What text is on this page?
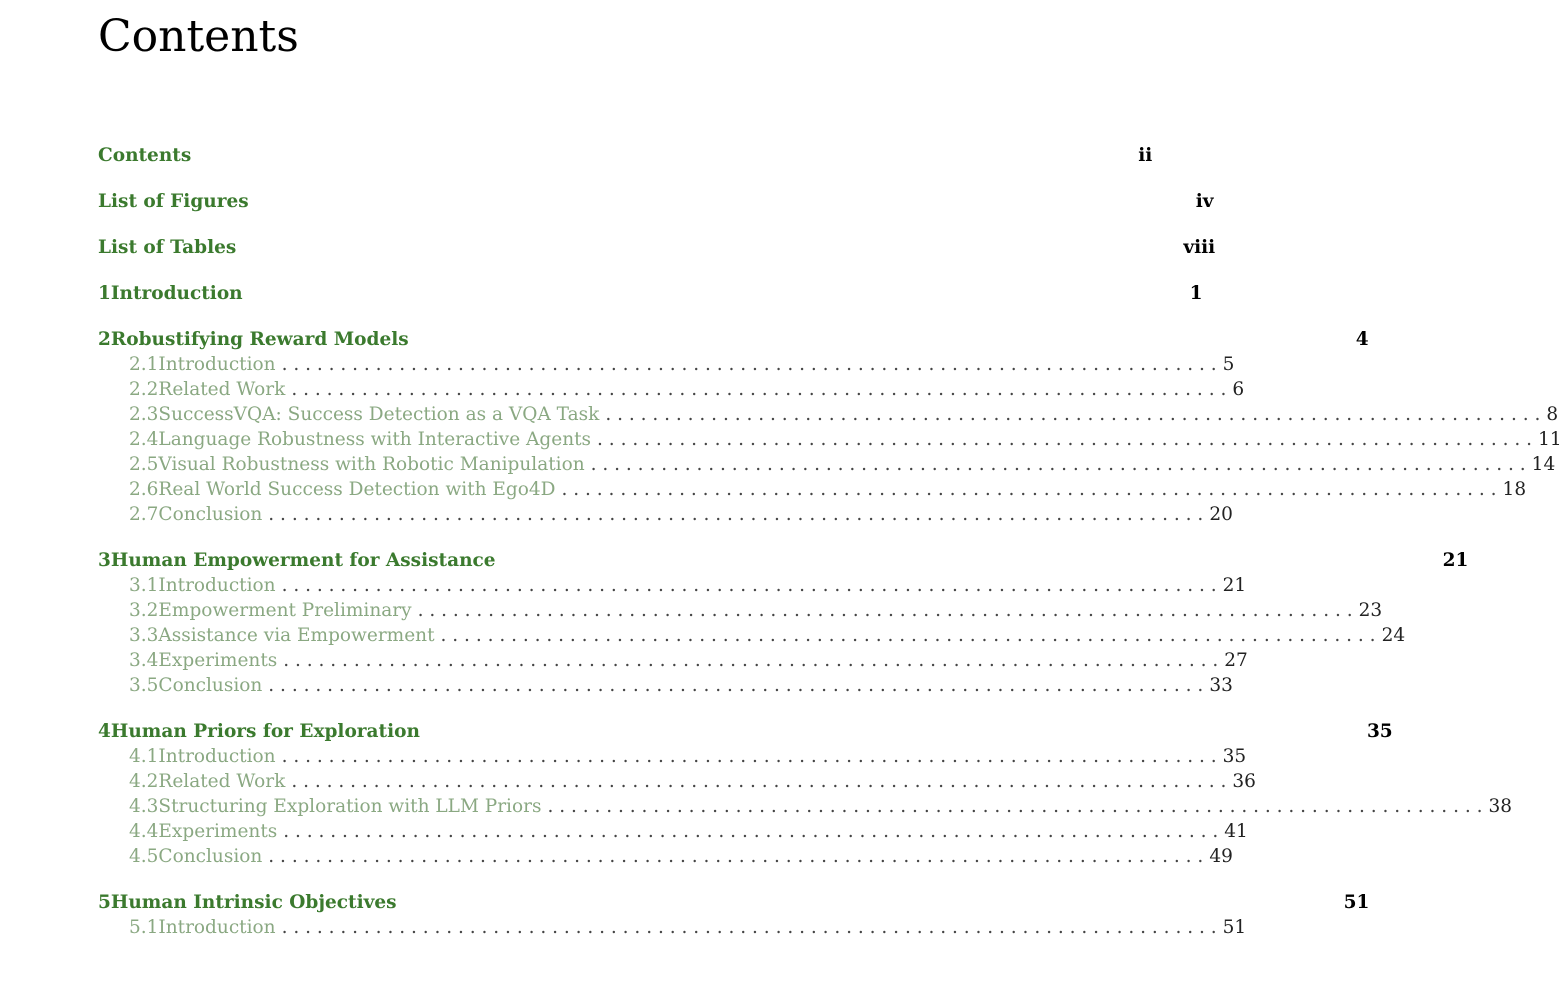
Contents
Contents	ii
List of Figures	iv
List of Tables	viii
1 Introduction	1
2 Robustifying Reward Models	4
2.1 Introduction . . . . . . . . . . . . . . . . . . . . . . . . . . . . . . . . . . . . . . . . . . . . . . . . . . . . . . . . . . . . . . . . . . . . . . . . . . . . . . . . 5
2.2 Related Work . . . . . . . . . . . . . . . . . . . . . . . . . . . . . . . . . . . . . . . . . . . . . . . . . . . . . . . . . . . . . . . . . . . . . . . . . . . . . . . . 6
2.3 SuccessVQA: Success Detection as a VQA Task . . . . . . . . . . . . . . . . . . . . . . . . . . . . . . . . . . . . . . . . . . . . . . . . . . . . . . . . . . . . . . . . . . . . . . . . . . . . . . . . 8
2.4 Language Robustness with Interactive Agents . . . . . . . . . . . . . . . . . . . . . . . . . . . . . . . . . . . . . . . . . . . . . . . . . . . . . . . . . . . . . . . . . . . . . . . . . . . . . . . . 11
2.5 Visual Robustness with Robotic Manipulation . . . . . . . . . . . . . . . . . . . . . . . . . . . . . . . . . . . . . . . . . . . . . . . . . . . . . . . . . . . . . . . . . . . . . . . . . . . . . . . . 14
2.6 Real World Success Detection with Ego4D . . . . . . . . . . . . . . . . . . . . . . . . . . . . . . . . . . . . . . . . . . . . . . . . . . . . . . . . . . . . . . . . . . . . . . . . . . . . . . . . 18
2.7 Conclusion . . . . . . . . . . . . . . . . . . . . . . . . . . . . . . . . . . . . . . . . . . . . . . . . . . . . . . . . . . . . . . . . . . . . . . . . . . . . . . . . 20
3 Human Empowerment for Assistance	21
3.1 Introduction . . . . . . . . . . . . . . . . . . . . . . . . . . . . . . . . . . . . . . . . . . . . . . . . . . . . . . . . . . . . . . . . . . . . . . . . . . . . . . . . 21
3.2 Empowerment Preliminary . . . . . . . . . . . . . . . . . . . . . . . . . . . . . . . . . . . . . . . . . . . . . . . . . . . . . . . . . . . . . . . . . . . . . . . . . . . . . . . . 23
3.3 Assistance via Empowerment . . . . . . . . . . . . . . . . . . . . . . . . . . . . . . . . . . . . . . . . . . . . . . . . . . . . . . . . . . . . . . . . . . . . . . . . . . . . . . . . 24
3.4 Experiments . . . . . . . . . . . . . . . . . . . . . . . . . . . . . . . . . . . . . . . . . . . . . . . . . . . . . . . . . . . . . . . . . . . . . . . . . . . . . . . . 27
3.5 Conclusion . . . . . . . . . . . . . . . . . . . . . . . . . . . . . . . . . . . . . . . . . . . . . . . . . . . . . . . . . . . . . . . . . . . . . . . . . . . . . . . . 33
4 Human Priors for Exploration	35
4.1 Introduction . . . . . . . . . . . . . . . . . . . . . . . . . . . . . . . . . . . . . . . . . . . . . . . . . . . . . . . . . . . . . . . . . . . . . . . . . . . . . . . . 35
4.2 Related Work . . . . . . . . . . . . . . . . . . . . . . . . . . . . . . . . . . . . . . . . . . . . . . . . . . . . . . . . . . . . . . . . . . . . . . . . . . . . . . . . 36
4.3 Structuring Exploration with LLM Priors . . . . . . . . . . . . . . . . . . . . . . . . . . . . . . . . . . . . . . . . . . . . . . . . . . . . . . . . . . . . . . . . . . . . . . . . . . . . . . . . 38
4.4 Experiments . . . . . . . . . . . . . . . . . . . . . . . . . . . . . . . . . . . . . . . . . . . . . . . . . . . . . . . . . . . . . . . . . . . . . . . . . . . . . . . . 41
4.5 Conclusion . . . . . . . . . . . . . . . . . . . . . . . . . . . . . . . . . . . . . . . . . . . . . . . . . . . . . . . . . . . . . . . . . . . . . . . . . . . . . . . . 49
5 Human Intrinsic Objectives	51
5.1 Introduction . . . . . . . . . . . . . . . . . . . . . . . . . . . . . . . . . . . . . . . . . . . . . . . . . . . . . . . . . . . . . . . . . . . . . . . . . . . . . . . . 51
